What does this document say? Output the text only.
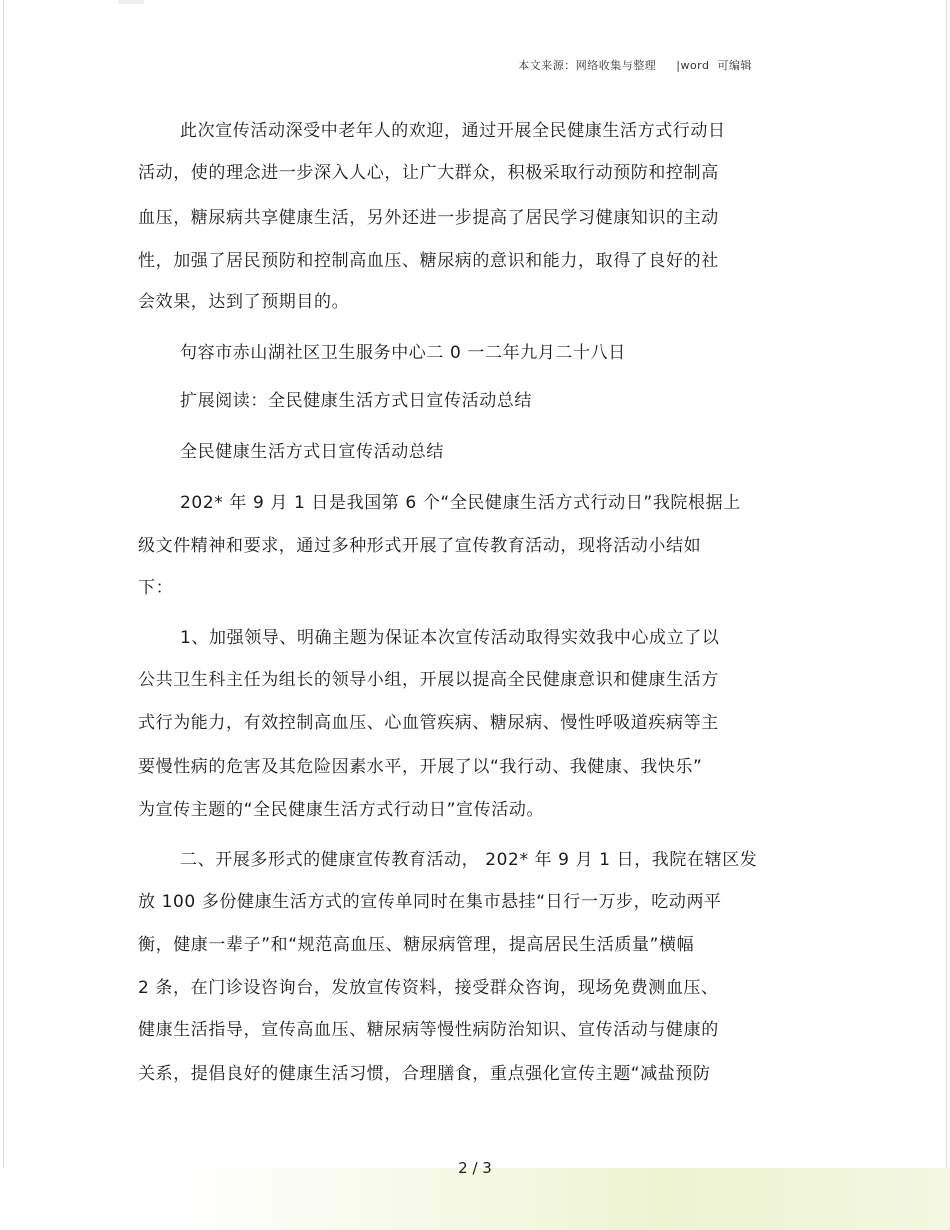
本文来源：网络收集与整理 |word  可编辑
此次宣传活动深受中老年人的欢迎，通过开展全民健康生活方式行动日
活动，使的理念进一步深入人心，让广大群众，积极采取行动预防和控制高
血压，糖尿病共享健康生活，另外还进一步提高了居民学习健康知识的主动
性，加强了居民预防和控制高血压、糖尿病的意识和能力，取得了良好的社
会效果，达到了预期目的。
句容市赤山湖社区卫生服务中心二 0 一二年九月二十八日
扩展阅读：全民健康生活方式日宣传活动总结
全民健康生活方式日宣传活动总结
202* 年 9 月 1 日是我国第 6 个“全民健康生活方式行动日”我院根据上
级文件精神和要求，通过多种形式开展了宣传教育活动，现将活动小结如
下：
1、加强领导、明确主题为保证本次宣传活动取得实效我中心成立了以
公共卫生科主任为组长的领导小组，开展以提高全民健康意识和健康生活方
式行为能力，有效控制高血压、心血管疾病、糖尿病、慢性呼吸道疾病等主
要慢性病的危害及其危险因素水平，开展了以“我行动、我健康、我快乐”
为宣传主题的“全民健康生活方式行动日”宣传活动。
二、开展多形式的健康宣传教育活动， 202* 年 9 月 1 日，我院在辖区发
放 100 多份健康生活方式的宣传单同时在集市悬挂“日行一万步，吃动两平
衡，健康一辈子”和“规范高血压、糖尿病管理，提高居民生活质量”横幅
2 条，在门诊设咨询台，发放宣传资料，接受群众咨询，现场免费测血压、
健康生活指导，宣传高血压、糖尿病等慢性病防治知识、宣传活动与健康的
关系，提倡良好的健康生活习惯，合理膳食，重点强化宣传主题“减盐预防
2 / 3
